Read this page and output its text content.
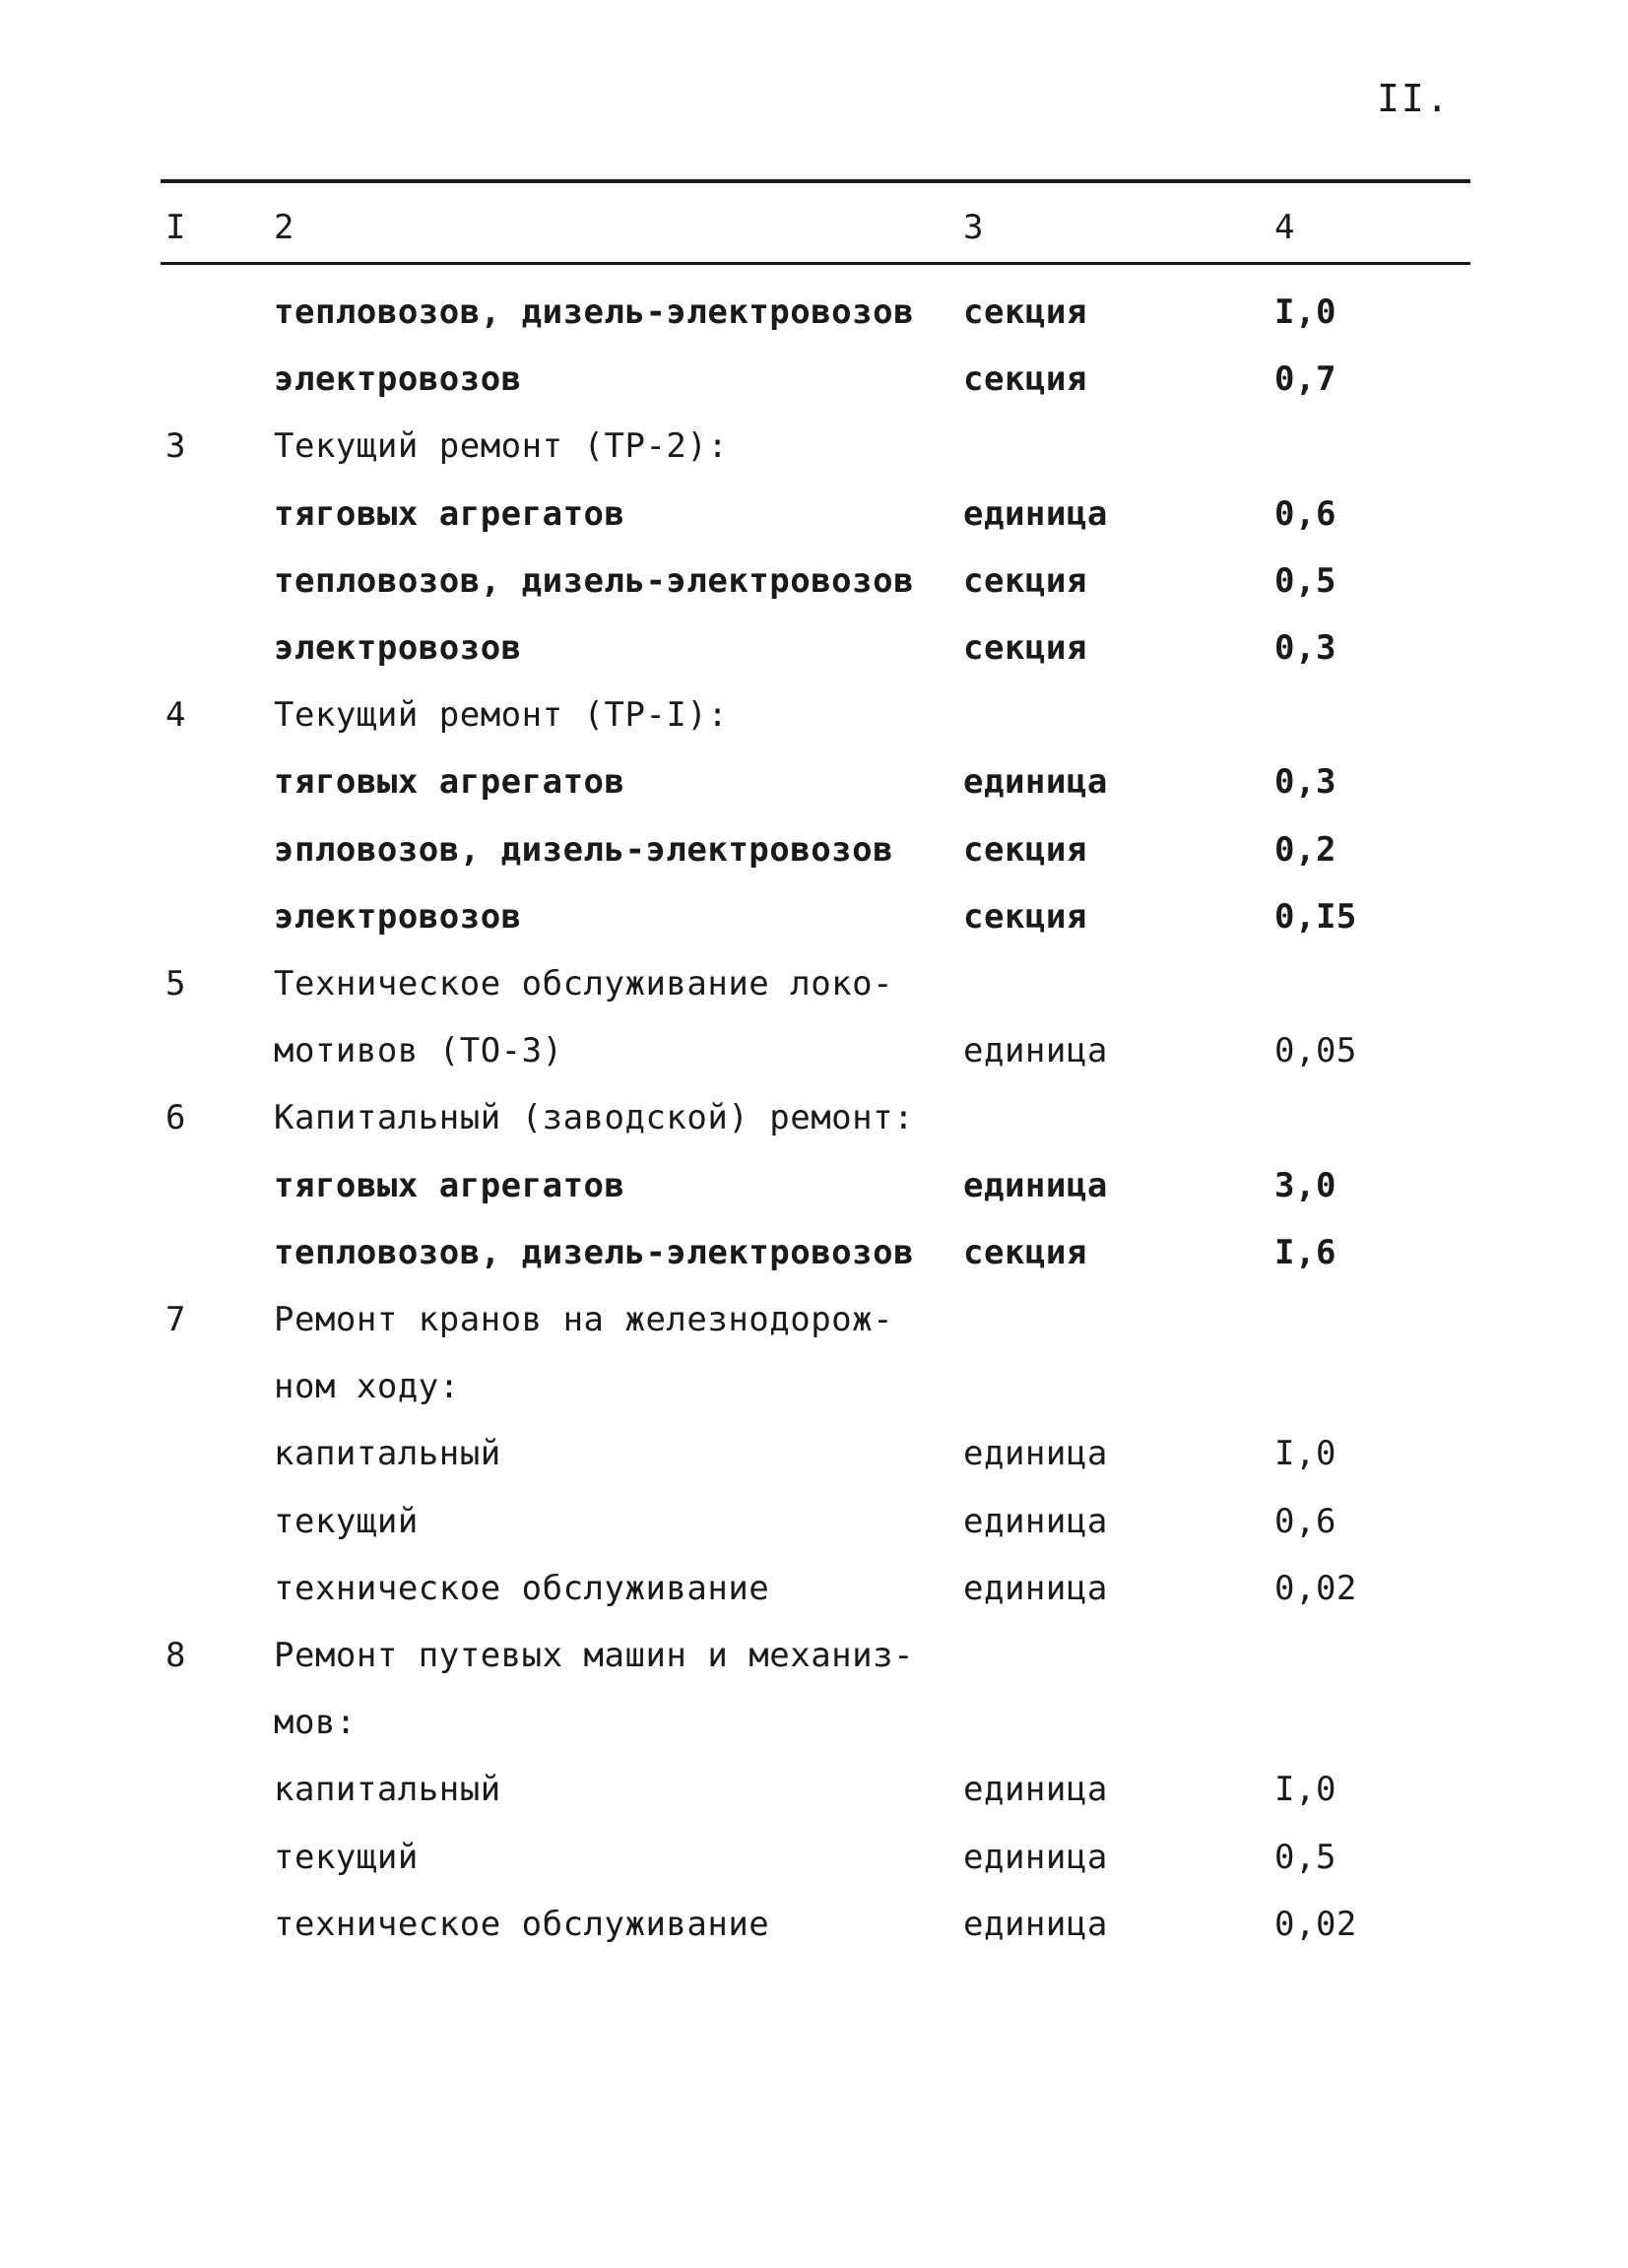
II.
I	2	3	4
тепловозов, дизель-электровозов	секция	I,0
электровозов	секция	0,7
3	Текущий ремонт (ТР-2):
тяговых агрегатов	единица	0,6
тепловозов, дизель-электровозов	секция	0,5
электровозов	секция	0,3
4	Текущий ремонт (ТР-I):
тяговых агрегатов	единица	0,3
эпловозов, дизель-электровозов	секция	0,2
электровозов	секция	0,I5
5	Техническое обслуживание локо-
мотивов (ТО-3)	единица	0,05
6	Капитальный (заводской) ремонт:
тяговых агрегатов	единица	3,0
тепловозов, дизель-электровозов	секция	I,6
7	Ремонт кранов на железнодорож-
ном ходу:
капитальный	единица	I,0
текущий	единица	0,6
техническое обслуживание	единица	0,02
8	Ремонт путевых машин и механиз-
мов:
капитальный	единица	I,0
текущий	единица	0,5
техническое обслуживание	единица	0,02
